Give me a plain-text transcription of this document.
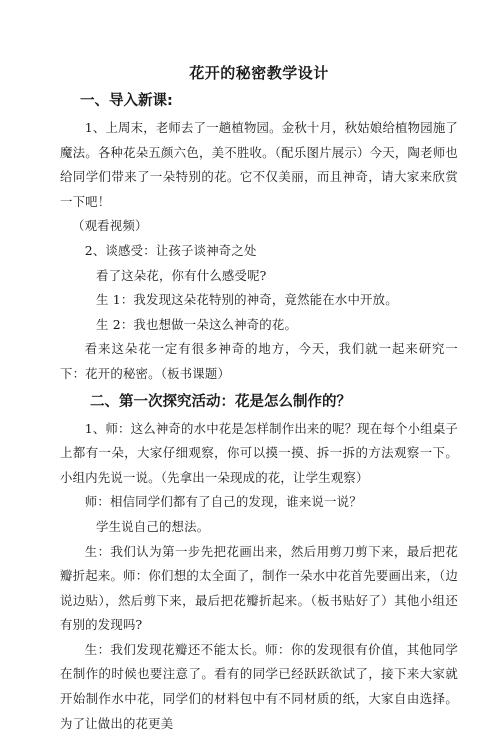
花开的秘密教学设计
一、导入新课:

1、上周末，老师去了一趟植物园。金秋十月，秋姑娘给植物园施了魔法。各种花朵五颜六色，美不胜收。（配乐图片展示）今天，陶老师也给同学们带来了一朵特别的花。它不仅美丽，而且神奇，请大家来欣赏一下吧！

（观看视频）

2、谈感受：让孩子谈神奇之处

看了这朵花，你有什么感受呢?

生 1：我发现这朵花特别的神奇，竟然能在水中开放。

生 2：我也想做一朵这么神奇的花。

看来这朵花一定有很多神奇的地方，今天，我们就一起来研究一下：花开的秘密。（板书课题）

二、第一次探究活动：花是怎么制作的？

1、师：这么神奇的水中花是怎样制作出来的呢？现在每个小组桌子上都有一朵，大家仔细观察，你可以摸一摸、拆一拆的方法观察一下。小组内先说一说。（先拿出一朵现成的花，让学生观察）

师：相信同学们都有了自己的发现，谁来说一说？

学生说自己的想法。

生：我们认为第一步先把花画出来，然后用剪刀剪下来，最后把花瓣折起来。师：你们想的太全面了，制作一朵水中花首先要画出来，（边说边贴），然后剪下来，最后把花瓣折起来。（板书贴好了）其他小组还有别的发现吗?

生：我们发现花瓣还不能太长。师：你的发现很有价值，其他同学在制作的时候也要注意了。看有的同学已经跃跃欲试了，接下来大家就开始制作水中花，同学们的材料包中有不同材质的纸，大家自由选择。为了让做出的花更美
